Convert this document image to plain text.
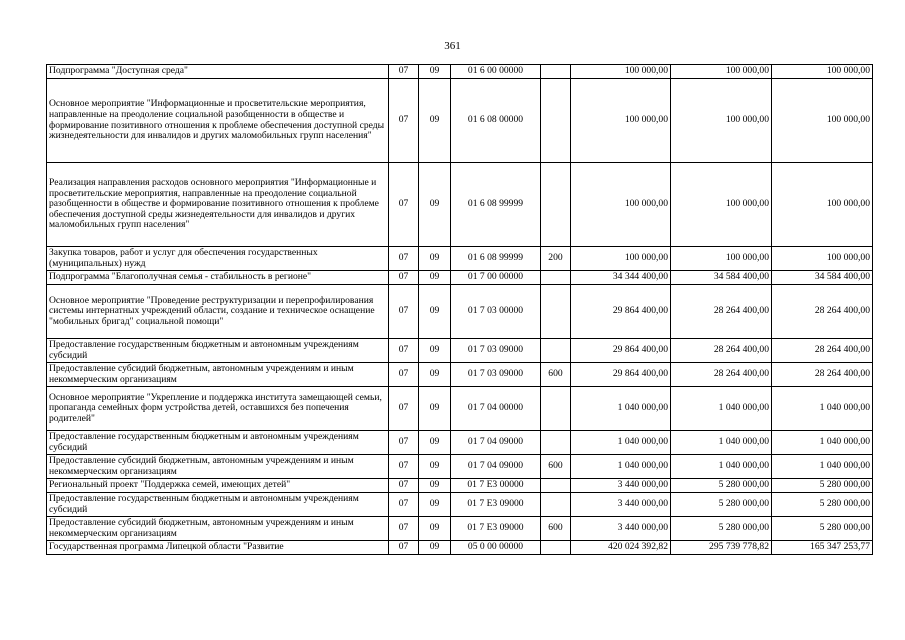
361
Подпрограмма "Доступная среда"	07	09	01 6 00 00000		100 000,00	100 000,00	100 000,00
Основное мероприятие "Информационные и просветительские мероприятия, направленные на преодоление социальной разобщенности в обществе и формирование позитивного отношения к проблеме обеспечения доступной среды жизнедеятельности для инвалидов и других маломобильных групп населения"	07	09	01 6 08 00000		100 000,00	100 000,00	100 000,00
Реализация направления расходов основного мероприятия "Информационные и просветительские мероприятия, направленные на преодоление социальной разобщенности в обществе и формирование позитивного отношения к проблеме обеспечения доступной среды жизнедеятельности для инвалидов и других маломобильных групп населения"	07	09	01 6 08 99999		100 000,00	100 000,00	100 000,00
Закупка товаров, работ и услуг для обеспечения государственных (муниципальных) нужд	07	09	01 6 08 99999	200	100 000,00	100 000,00	100 000,00
Подпрограмма "Благополучная семья - стабильность в регионе"	07	09	01 7 00 00000		34 344 400,00	34 584 400,00	34 584 400,00
Основное мероприятие "Проведение реструктуризации и перепрофилирования системы интернатных учреждений области, создание и техническое оснащение "мобильных бригад" социальной помощи"	07	09	01 7 03 00000		29 864 400,00	28 264 400,00	28 264 400,00
Предоставление государственным бюджетным и автономным учреждениям субсидий	07	09	01 7 03 09000		29 864 400,00	28 264 400,00	28 264 400,00
Предоставление субсидий бюджетным, автономным учреждениям и иным некоммерческим организациям	07	09	01 7 03 09000	600	29 864 400,00	28 264 400,00	28 264 400,00
Основное мероприятие "Укрепление и поддержка института замещающей семьи, пропаганда семейных форм устройства детей, оставшихся без попечения родителей"	07	09	01 7 04 00000		1 040 000,00	1 040 000,00	1 040 000,00
Предоставление государственным бюджетным и автономным учреждениям субсидий	07	09	01 7 04 09000		1 040 000,00	1 040 000,00	1 040 000,00
Предоставление субсидий бюджетным, автономным учреждениям и иным некоммерческим организациям	07	09	01 7 04 09000	600	1 040 000,00	1 040 000,00	1 040 000,00
Региональный проект "Поддержка семей, имеющих детей"	07	09	01 7 Е3 00000		3 440 000,00	5 280 000,00	5 280 000,00
Предоставление государственным бюджетным и автономным учреждениям субсидий	07	09	01 7 Е3 09000		3 440 000,00	5 280 000,00	5 280 000,00
Предоставление субсидий бюджетным, автономным учреждениям и иным некоммерческим организациям	07	09	01 7 Е3 09000	600	3 440 000,00	5 280 000,00	5 280 000,00
Государственная программа Липецкой области "Развитие	07	09	05 0 00 00000		420 024 392,82	295 739 778,82	165 347 253,77
